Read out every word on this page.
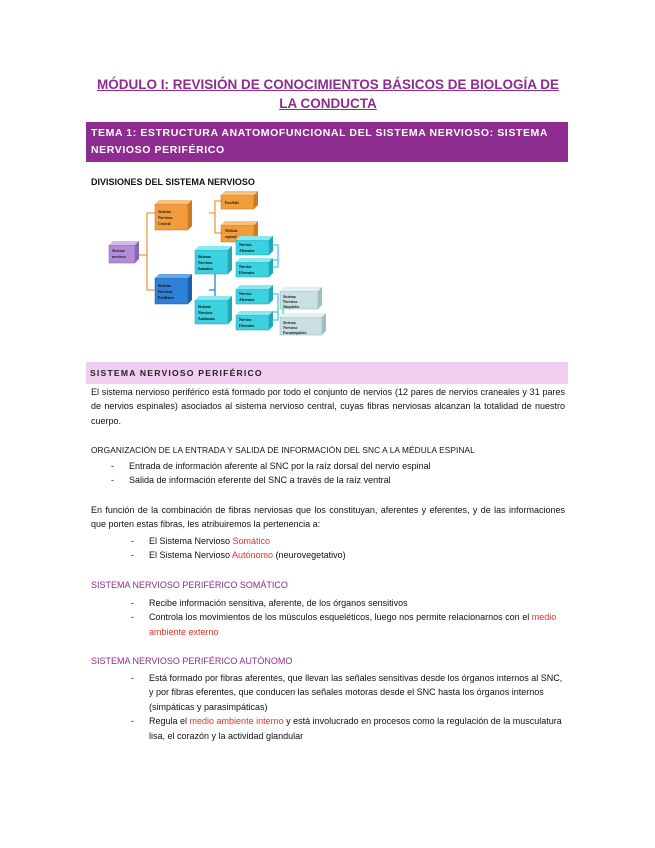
MÓDULO I: REVISIÓN DE CONOCIMIENTOS BÁSICOS DE BIOLOGÍA DE LA CONDUCTA
TEMA 1: ESTRUCTURA ANATOMOFUNCIONAL DEL SISTEMA NERVIOSO: SISTEMA NERVIOSO PERIFÉRICO
DIVISIONES DEL SISTEMA NERVIOSO
Sistema
nervioso
Sistema
Nervioso
Central
Sistema
Nervioso
Periférico
Encéfalo
Médula
espinal
Sistema
Nervioso
Somático
Sistema
Nervioso
Autónomo
Nervios
Aferentes
Nervios
Eferentes
Nervios
Aferentes
Nervios
Eferentes
Sistema
Nervioso
Simpático
Sistema
Nervioso
Parasimpático
SISTEMA NERVIOSO PERIFÉRICO
El sistema nervioso periférico está formado por todo el conjunto de nervios (12 pares de nervios craneales y 31 pares de nervios espinales) asociados al sistema nervioso central, cuyas fibras nerviosas alcanzan la totalidad de nuestro cuerpo.
ORGANIZACIÓN DE LA ENTRADA Y SALIDA DE INFORMACIÓN DEL SNC A LA MÉDULA ESPINAL
- Entrada de información aferente al SNC por la raíz dorsal del nervio espinal
- Salida de información eferente del SNC a través de la raíz ventral
En función de la combinación de fibras nerviosas que los constituyan, aferentes y eferentes, y de las informaciones que porten estas fibras, les atribuiremos la pertenencia a:
- El Sistema Nervioso Somático
- El Sistema Nervioso Autónomo (neurovegetativo)
SISTEMA NERVIOSO PERIFÉRICO SOMÁTICO
- Recibe información sensitiva, aferente, de los órganos sensitivos
- Controla los movimientos de los músculos esqueléticos, luego nos permite relacionarnos con el medio ambiente externo
SISTEMA NERVIOSO PERIFÉRICO AUTÓNOMO
- Está formado por fibras aferentes, que llevan las señales sensitivas desde los órganos internos al SNC, y por fibras eferentes, que conducen las señales motoras desde el SNC hasta los órganos internos (simpáticas y parasimpáticas)
- Regula el medio ambiente interno y está involucrado en procesos como la regulación de la musculatura lisa, el corazón y la actividad glandular
